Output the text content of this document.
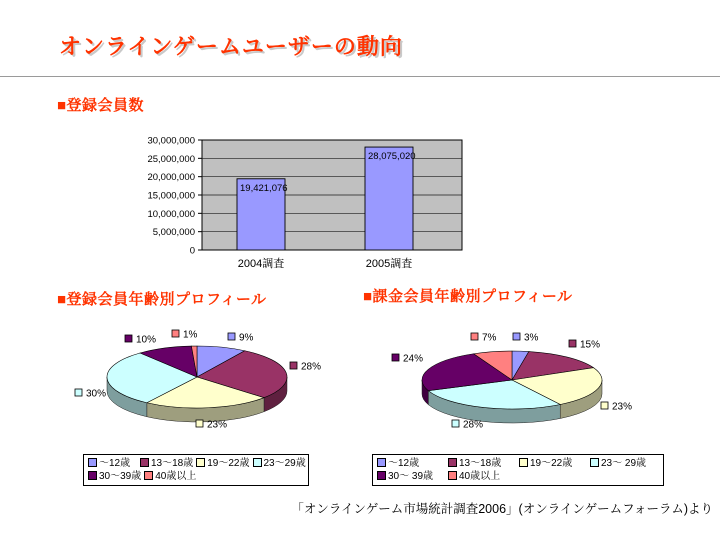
オンラインゲームユーザーの動向
■登録会員数
■登録会員年齢別プロフィール	■課金会員年齢別プロフィール
0
5,000,000
10,000,000
15,000,000
20,000,000
25,000,000
30,000,000
19,421,076
2004調査
28,075,020
2005調査
9%
28%
23%
30%
10%	1%	3%
15%
23%
28%
24%
7%
～12歳 13～18歳 19～22歳 23～29歳
30～39歳 40歳以上
～12歳	13～18歳	19～22歳	23～ 29歳
30～ 39歳	40歳以上
「オンラインゲーム市場統計調査2006」(オンラインゲームフォーラム)より
